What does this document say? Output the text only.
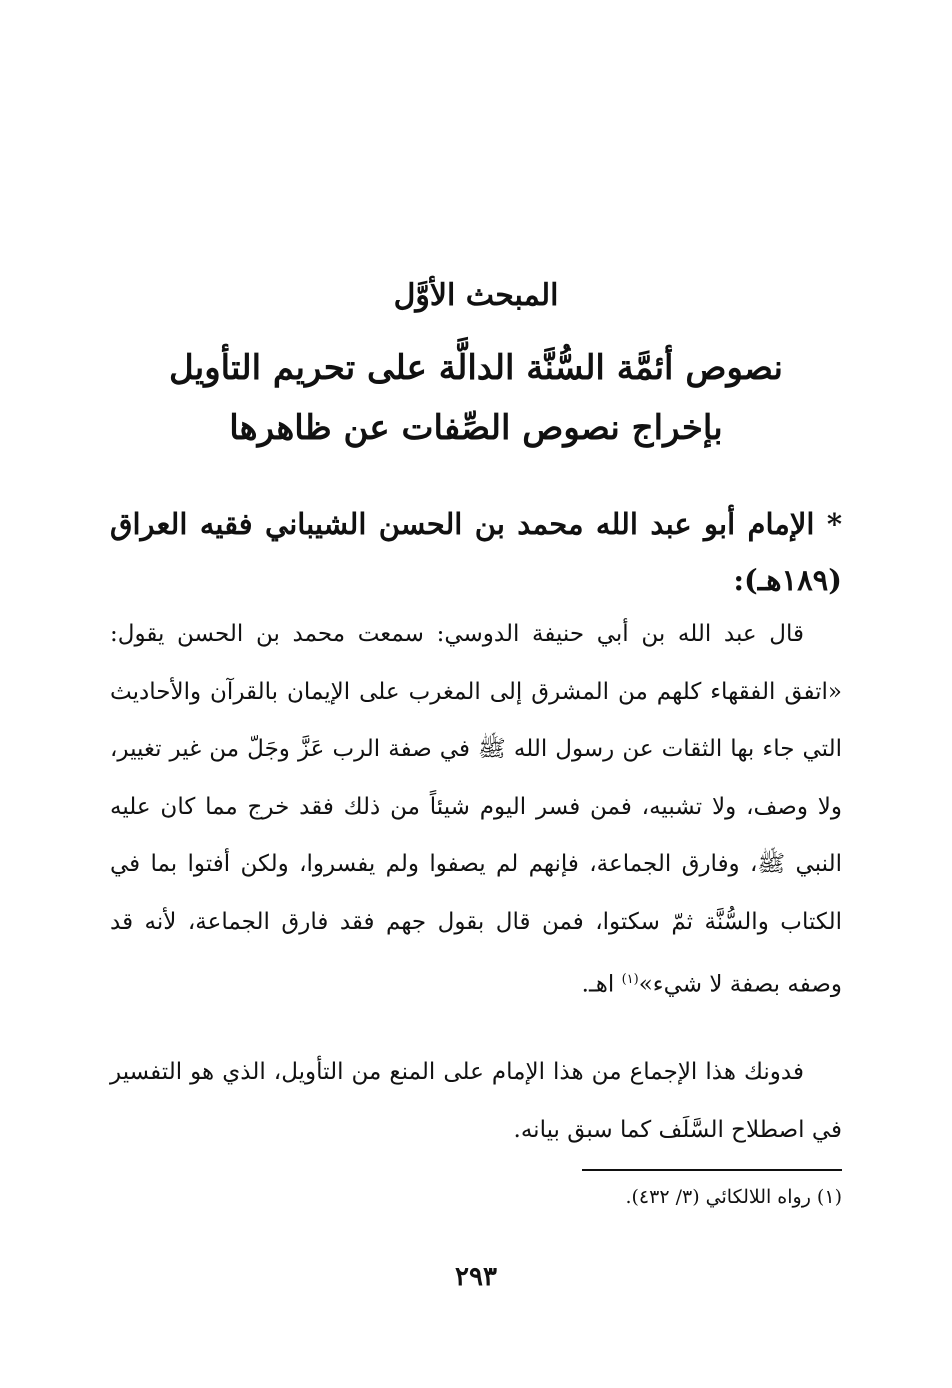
المبحث الأوَّل
نصوص أئمَّة السُّنَّة الدالَّة على تحريم التأويل
بإخراج نصوص الصِّفات عن ظاهرها

* الإمام أبو عبد الله محمد بن الحسن الشيباني فقيه العراق (١٨٩هـ):

قال عبد الله بن أبي حنيفة الدوسي: سمعت محمد بن الحسن يقول: «اتفق الفقهاء كلهم من المشرق إلى المغرب على الإيمان بالقرآن والأحاديث التي جاء بها الثقات عن رسول الله ﷺ في صفة الرب عَزَّ وجَلّ من غير تغيير، ولا وصف، ولا تشبيه، فمن فسر اليوم شيئاً من ذلك فقد خرج مما كان عليه النبي ﷺ، وفارق الجماعة، فإنهم لم يصفوا ولم يفسروا، ولكن أفتوا بما في الكتاب والسُّنَّة ثمّ سكتوا، فمن قال بقول جهم فقد فارق الجماعة، لأنه قد وصفه بصفة لا شيء»$^{(١)}$ اهـ.

فدونك هذا الإجماع من هذا الإمام على المنع من التأويل، الذي هو التفسير في اصطلاح السَّلَف كما سبق بيانه.

(١) رواه اللالكائي (٣/ ٤٣٢).

٢٩٣
